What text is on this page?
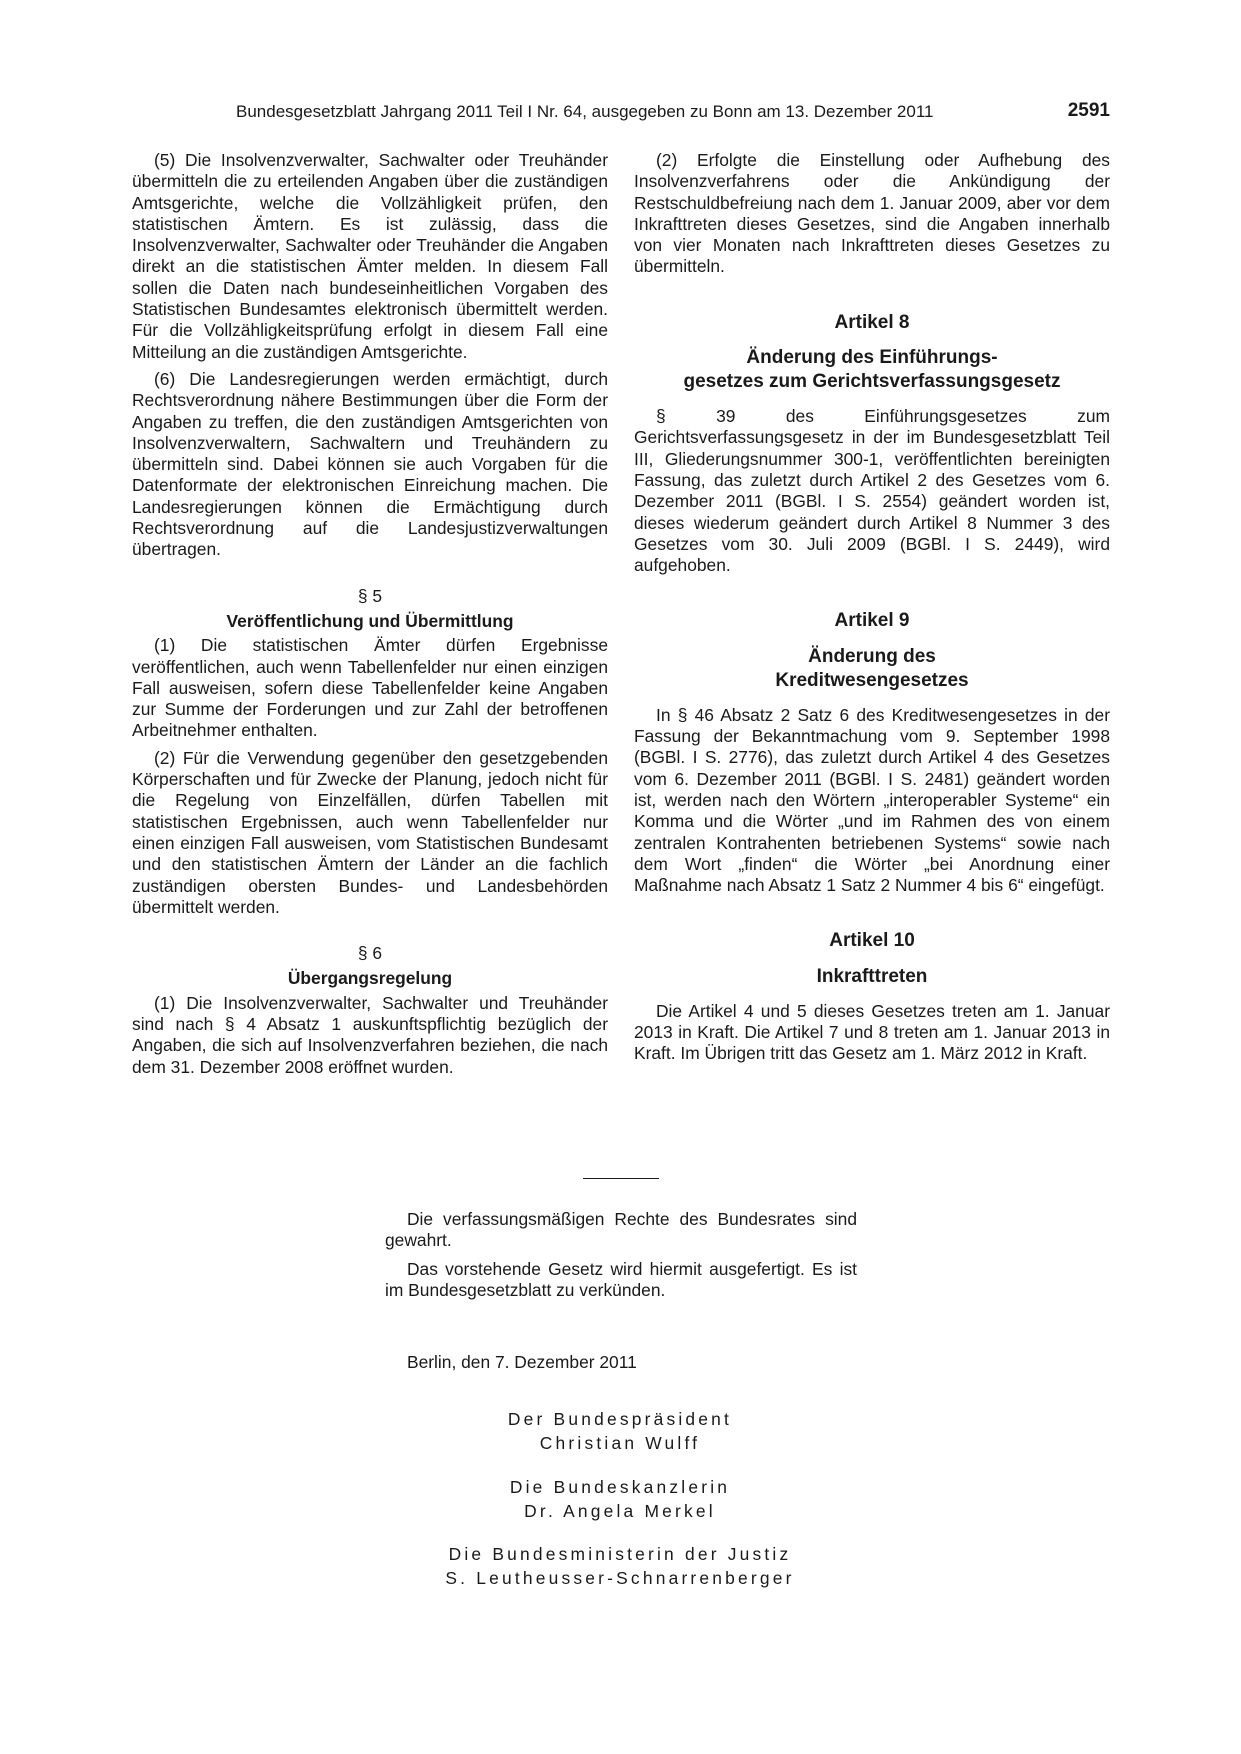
Bundesgesetzblatt Jahrgang 2011 Teil I Nr. 64, ausgegeben zu Bonn am 13. Dezember 2011	2591

(5) Die Insolvenzverwalter, Sachwalter oder Treuhänder übermitteln die zu erteilenden Angaben über die zuständigen Amtsgerichte, welche die Vollzähligkeit prüfen, den statistischen Ämtern. Es ist zulässig, dass die Insolvenzverwalter, Sachwalter oder Treuhänder die Angaben direkt an die statistischen Ämter melden. In diesem Fall sollen die Daten nach bundeseinheitlichen Vorgaben des Statistischen Bundesamtes elektronisch übermittelt werden. Für die Vollzähligkeitsprüfung erfolgt in diesem Fall eine Mitteilung an die zuständigen Amtsgerichte.

(6) Die Landesregierungen werden ermächtigt, durch Rechtsverordnung nähere Bestimmungen über die Form der Angaben zu treffen, die den zuständigen Amtsgerichten von Insolvenzverwaltern, Sachwaltern und Treuhändern zu übermitteln sind. Dabei können sie auch Vorgaben für die Datenformate der elektronischen Einreichung machen. Die Landesregierungen können die Ermächtigung durch Rechtsverordnung auf die Landesjustizverwaltungen übertragen.

§ 5
Veröffentlichung und Übermittlung

(1) Die statistischen Ämter dürfen Ergebnisse veröffentlichen, auch wenn Tabellenfelder nur einen einzigen Fall ausweisen, sofern diese Tabellenfelder keine Angaben zur Summe der Forderungen und zur Zahl der betroffenen Arbeitnehmer enthalten.

(2) Für die Verwendung gegenüber den gesetzgebenden Körperschaften und für Zwecke der Planung, jedoch nicht für die Regelung von Einzelfällen, dürfen Tabellen mit statistischen Ergebnissen, auch wenn Tabellenfelder nur einen einzigen Fall ausweisen, vom Statistischen Bundesamt und den statistischen Ämtern der Länder an die fachlich zuständigen obersten Bundes- und Landesbehörden übermittelt werden.

§ 6
Übergangsregelung

(1) Die Insolvenzverwalter, Sachwalter und Treuhänder sind nach § 4 Absatz 1 auskunftspflichtig bezüglich der Angaben, die sich auf Insolvenzverfahren beziehen, die nach dem 31. Dezember 2008 eröffnet wurden.

(2) Erfolgte die Einstellung oder Aufhebung des Insolvenzverfahrens oder die Ankündigung der Restschuldbefreiung nach dem 1. Januar 2009, aber vor dem Inkrafttreten dieses Gesetzes, sind die Angaben innerhalb von vier Monaten nach Inkrafttreten dieses Gesetzes zu übermitteln.

Artikel 8
Änderung des Einführungs-
gesetzes zum Gerichtsverfassungsgesetz

§ 39 des Einführungsgesetzes zum Gerichtsverfassungsgesetz in der im Bundesgesetzblatt Teil III, Gliederungsnummer 300-1, veröffentlichten bereinigten Fassung, das zuletzt durch Artikel 2 des Gesetzes vom 6. Dezember 2011 (BGBl. I S. 2554) geändert worden ist, dieses wiederum geändert durch Artikel 8 Nummer 3 des Gesetzes vom 30. Juli 2009 (BGBl. I S. 2449), wird aufgehoben.

Artikel 9
Änderung des
Kreditwesengesetzes

In § 46 Absatz 2 Satz 6 des Kreditwesengesetzes in der Fassung der Bekanntmachung vom 9. September 1998 (BGBl. I S. 2776), das zuletzt durch Artikel 4 des Gesetzes vom 6. Dezember 2011 (BGBl. I S. 2481) geändert worden ist, werden nach den Wörtern „interoperabler Systeme“ ein Komma und die Wörter „und im Rahmen des von einem zentralen Kontrahenten betriebenen Systems“ sowie nach dem Wort „finden“ die Wörter „bei Anordnung einer Maßnahme nach Absatz 1 Satz 2 Nummer 4 bis 6“ eingefügt.

Artikel 10
Inkrafttreten

Die Artikel 4 und 5 dieses Gesetzes treten am 1. Januar 2013 in Kraft. Die Artikel 7 und 8 treten am 1. Januar 2013 in Kraft. Im Übrigen tritt das Gesetz am 1. März 2012 in Kraft.

Die verfassungsmäßigen Rechte des Bundesrates sind gewahrt.

Das vorstehende Gesetz wird hiermit ausgefertigt. Es ist im Bundesgesetzblatt zu verkünden.

Berlin, den 7. Dezember 2011
Der Bundespräsident
Christian Wulff
Die Bundeskanzlerin
Dr. Angela Merkel
Die Bundesministerin der Justiz
S. Leutheusser-Schnarrenberger
